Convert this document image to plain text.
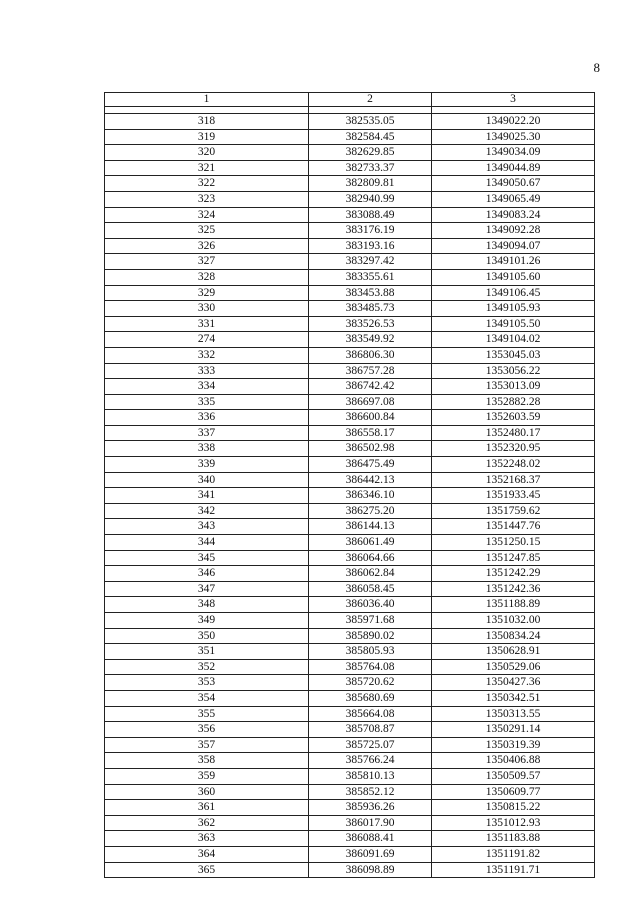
8
1	2	3

318	382535.05	1349022.20
319	382584.45	1349025.30
320	382629.85	1349034.09
321	382733.37	1349044.89
322	382809.81	1349050.67
323	382940.99	1349065.49
324	383088.49	1349083.24
325	383176.19	1349092.28
326	383193.16	1349094.07
327	383297.42	1349101.26
328	383355.61	1349105.60
329	383453.88	1349106.45
330	383485.73	1349105.93
331	383526.53	1349105.50
274	383549.92	1349104.02
332	386806.30	1353045.03
333	386757.28	1353056.22
334	386742.42	1353013.09
335	386697.08	1352882.28
336	386600.84	1352603.59
337	386558.17	1352480.17
338	386502.98	1352320.95
339	386475.49	1352248.02
340	386442.13	1352168.37
341	386346.10	1351933.45
342	386275.20	1351759.62
343	386144.13	1351447.76
344	386061.49	1351250.15
345	386064.66	1351247.85
346	386062.84	1351242.29
347	386058.45	1351242.36
348	386036.40	1351188.89
349	385971.68	1351032.00
350	385890.02	1350834.24
351	385805.93	1350628.91
352	385764.08	1350529.06
353	385720.62	1350427.36
354	385680.69	1350342.51
355	385664.08	1350313.55
356	385708.87	1350291.14
357	385725.07	1350319.39
358	385766.24	1350406.88
359	385810.13	1350509.57
360	385852.12	1350609.77
361	385936.26	1350815.22
362	386017.90	1351012.93
363	386088.41	1351183.88
364	386091.69	1351191.82
365	386098.89	1351191.71
